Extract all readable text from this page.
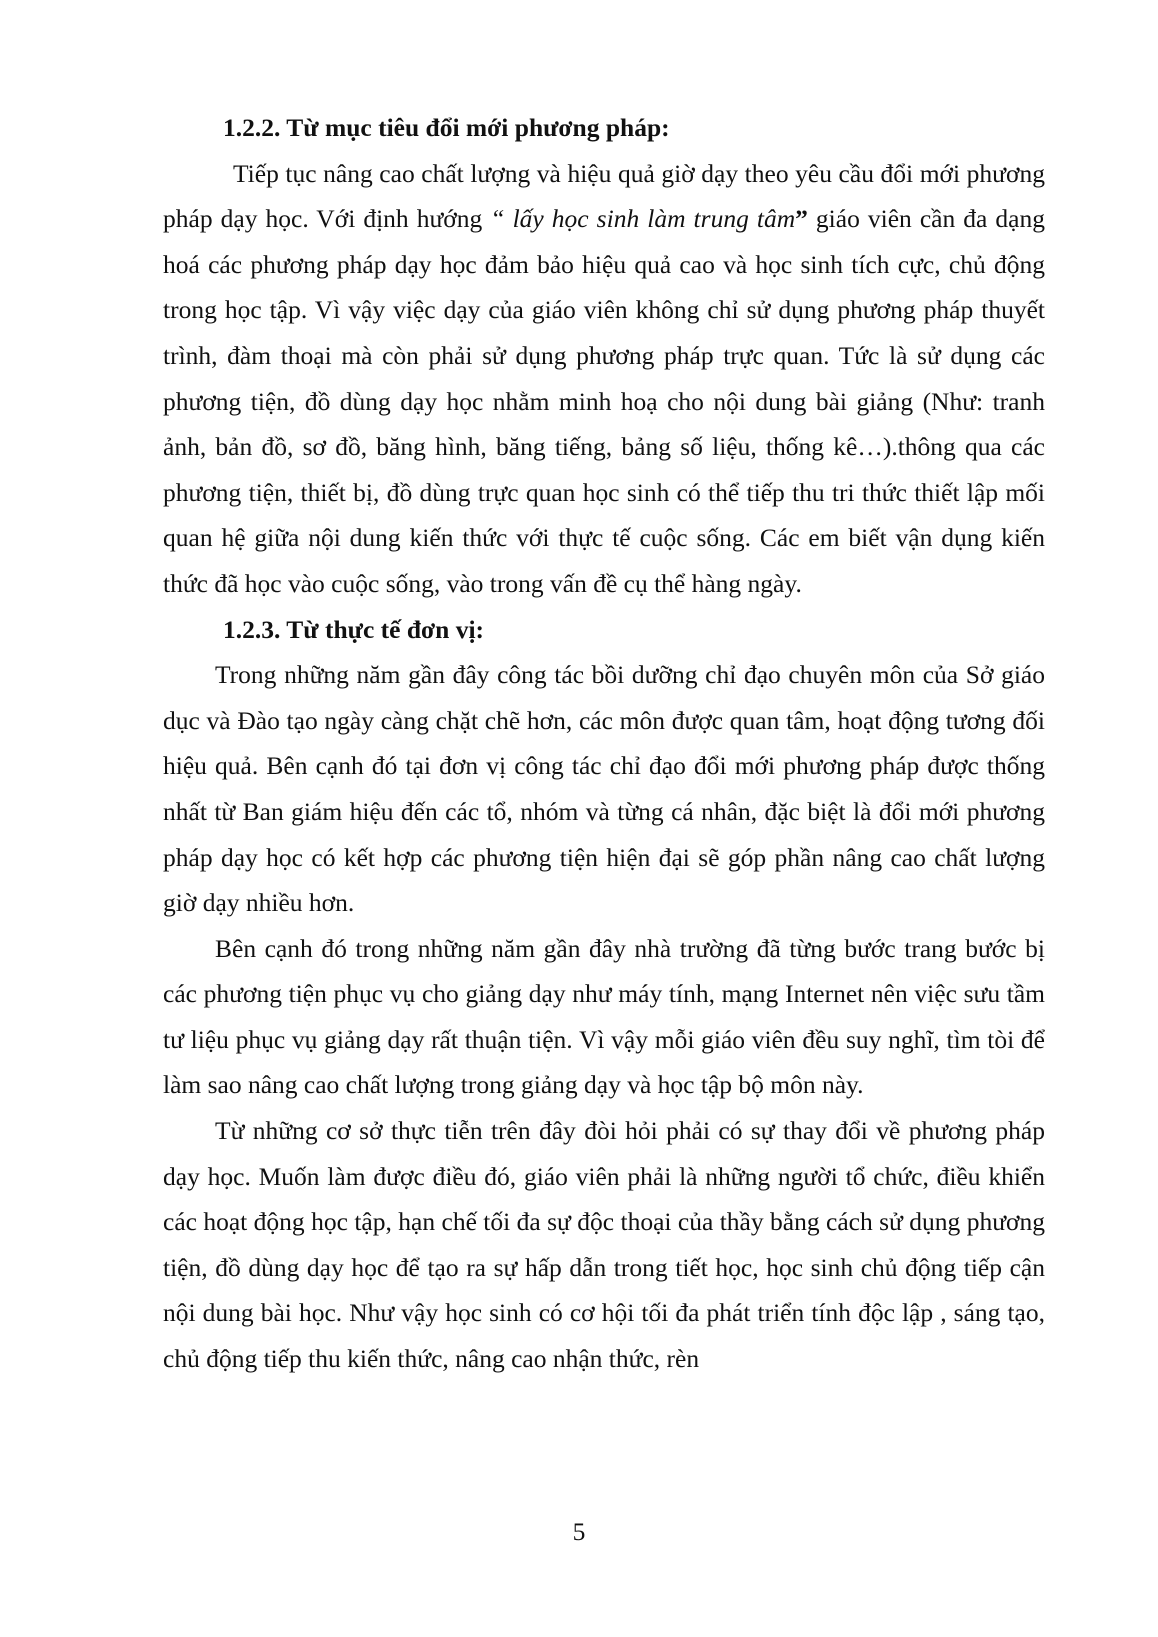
1.2.2. Từ mục tiêu đổi mới phương pháp:

Tiếp tục nâng cao chất lượng và hiệu quả giờ dạy theo yêu cầu đổi mới phương pháp dạy học. Với định hướng “ lấy học sinh làm trung tâm” giáo viên cần đa dạng hoá các phương pháp dạy học đảm bảo hiệu quả cao và học sinh tích cực, chủ động trong học tập. Vì vậy việc dạy của giáo viên không chỉ sử dụng phương pháp thuyết trình, đàm thoại mà còn phải sử dụng phương pháp trực quan. Tức là sử dụng các phương tiện, đồ dùng dạy học nhằm minh hoạ cho nội dung bài giảng (Như: tranh ảnh, bản đồ, sơ đồ, băng hình, băng tiếng, bảng số liệu, thống kê…).thông qua các phương tiện, thiết bị, đồ dùng trực quan học sinh có thể tiếp thu tri thức thiết lập mối quan hệ giữa nội dung kiến thức với thực tế cuộc sống. Các em biết vận dụng kiến thức đã học vào cuộc sống, vào trong vấn đề cụ thể hàng ngày.

1.2.3. Từ thực tế đơn vị:

Trong những năm gần đây công tác bồi dưỡng chỉ đạo chuyên môn của Sở giáo dục và Đào tạo ngày càng chặt chẽ hơn, các môn được quan tâm, hoạt động tương đối hiệu quả. Bên cạnh đó tại đơn vị công tác chỉ đạo đổi mới phương pháp được thống nhất từ Ban giám hiệu đến các tổ, nhóm và từng cá nhân, đặc biệt là đổi mới phương pháp dạy học có kết hợp các phương tiện hiện đại sẽ góp phần nâng cao chất lượng giờ dạy nhiều hơn.

Bên cạnh đó trong những năm gần đây nhà trường đã từng bước trang bước bị các phương tiện phục vụ cho giảng dạy như máy tính, mạng Internet nên việc sưu tầm tư liệu phục vụ giảng dạy rất thuận tiện. Vì vậy mỗi giáo viên đều suy nghĩ, tìm tòi để làm sao nâng cao chất lượng trong giảng dạy và học tập bộ môn này.

Từ những cơ sở thực tiễn trên đây đòi hỏi phải có sự thay đổi về phương pháp dạy học. Muốn làm được điều đó, giáo viên phải là những người tổ chức, điều khiển các hoạt động học tập, hạn chế tối đa sự độc thoại của thầy bằng cách sử dụng phương tiện, đồ dùng dạy học để tạo ra sự hấp dẫn trong tiết học, học sinh chủ động tiếp cận nội dung bài học. Như vậy học sinh có cơ hội tối đa phát triển tính độc lập , sáng tạo, chủ động tiếp thu kiến thức, nâng cao nhận thức, rèn

5
